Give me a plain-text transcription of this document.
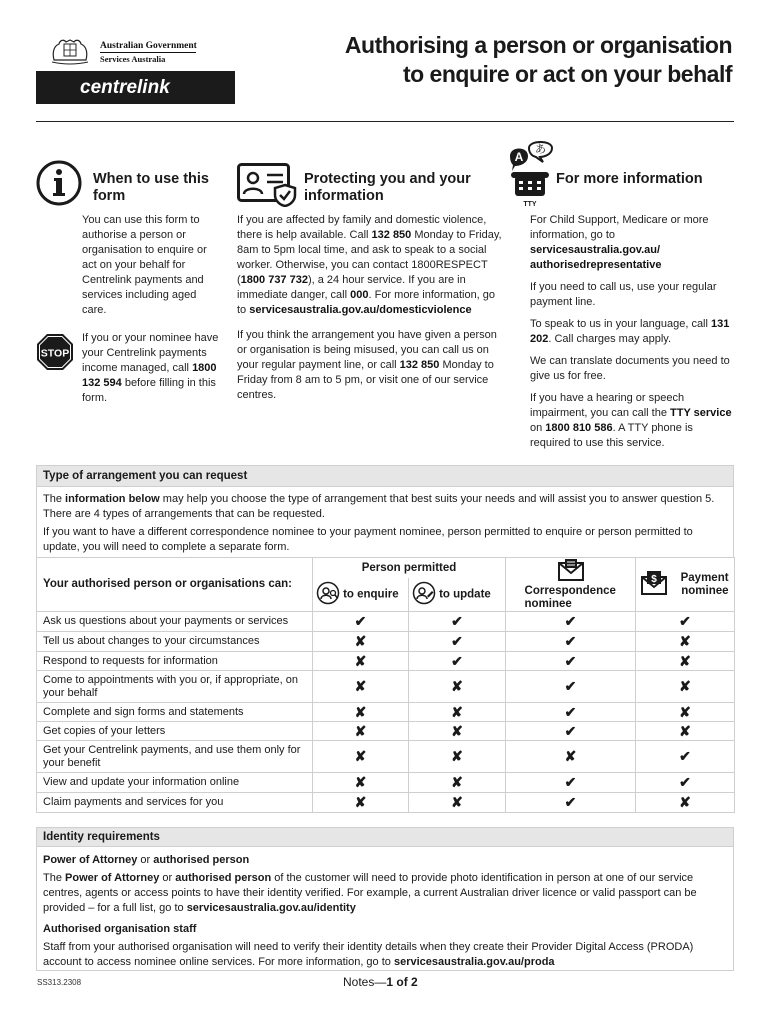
Australian Government
Services Australia
centrelink
Authorising a person or organisation
to enquire or act on your behalf
When to use this form
You can use this form to authorise a person or organisation to enquire or act on your behalf for Centrelink payments and services including aged care.
STOP
If you or your nominee have your Centrelink payments income managed, call 1800 132 594 before filling in this form.
Protecting you and your information

If you are affected by family and domestic violence, there is help available. Call 132 850 Monday to Friday, 8am to 5pm local time, and ask to speak to a social worker. Otherwise, you can contact 1800RESPECT (1800 737 732), a 24 hour service. If you are in immediate danger, call 000. For more information, go to servicesaustralia.gov.au/domesticviolence

If you think the arrangement you have given a person or organisation is being misused, you can call us on your regular payment line, or call 132 850 Monday to Friday from 8 am to 5 pm, or visit one of our service centres.

A
あ
TTY
For more information

For Child Support, Medicare or more information, go to servicesaustralia.gov.au/ authorisedrepresentative

If you need to call us, use your regular payment line.

To speak to us in your language, call 131 202. Call charges may apply.

We can translate documents you need to give us for free.

If you have a hearing or speech impairment, you can call the TTY service on 1800 810 586. A TTY phone is required to use this service.

Type of arrangement you can request
The information below may help you choose the type of arrangement that best suits your needs and will assist you to answer question 5. There are 4 types of arrangements that can be requested.
If you want to have a different correspondence nominee to your payment nominee, person permitted to enquire or person permitted to update, you will need to complete a separate form.
Your authorised person or organisations can:	Person permitted		Correspondence nominee	$ Payment nominee
	to enquire	to update		
Ask us questions about your payments or services	✔	✔	✔	✔
Tell us about changes to your circumstances	✘	✔	✔	✘
Respond to requests for information	✘	✔	✔	✘
Come to appointments with you or, if appropriate, on your behalf	✘	✘	✔	✘
Complete and sign forms and statements	✘	✘	✔	✘
Get copies of your letters	✘	✘	✔	✘
Get your Centrelink payments, and use them only for your benefit	✘	✘	✘	✔
View and update your information online	✘	✘	✔	✔
Claim payments and services for you	✘	✘	✔	✘
Identity requirements
Power of Attorney or authorised person

The Power of Attorney or authorised person of the customer will need to provide photo identification in person at one of our service centres, agents or access points to have their identity verified. For example, a current Australian driver licence or valid passport can be provided – for a full list, go to servicesaustralia.gov.au/identity

Authorised organisation staff

Staff from your authorised organisation will need to verify their identity details when they create their Provider Digital Access (PRODA) account to access nominee online services. For more information, go to servicesaustralia.gov.au/proda

SS313.2308	Notes—1 of 2
